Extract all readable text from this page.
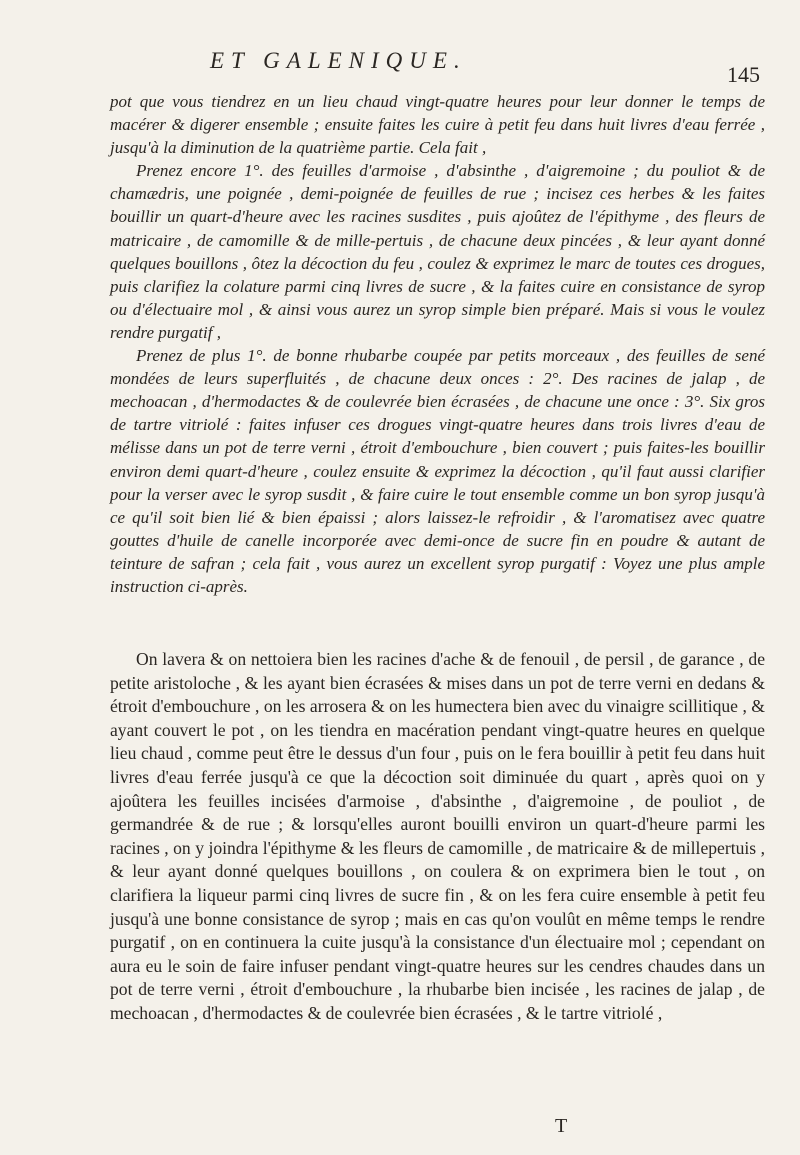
ET GALENIQUE.
145

pot que vous tiendrez en un lieu chaud vingt-quatre heures pour leur donner le temps de macérer & digerer ensemble ; ensuite faites les cuire à petit feu dans huit livres d'eau ferrée , jusqu'à la diminution de la quatrième partie. Cela fait ,

Prenez encore 1°. des feuilles d'armoise , d'absinthe , d'aigremoine ; du pouliot & de chamædris, une poignée , demi-poignée de feuilles de rue ; incisez ces herbes & les faites bouillir un quart-d'heure avec les racines susdites , puis ajoûtez de l'épithyme , des fleurs de matricaire , de camomille & de mille-pertuis , de chacune deux pincées , & leur ayant donné quelques bouillons , ôtez la décoction du feu , coulez & exprimez le marc de toutes ces drogues, puis clarifiez la colature parmi cinq livres de sucre , & la faites cuire en consistance de syrop ou d'électuaire mol , & ainsi vous aurez un syrop simple bien préparé. Mais si vous le voulez rendre purgatif ,

Prenez de plus 1°. de bonne rhubarbe coupée par petits morceaux , des feuilles de sené mondées de leurs superfluités , de chacune deux onces : 2°. Des racines de jalap , de mechoacan , d'hermodactes & de coulevrée bien écrasées , de chacune une once : 3°. Six gros de tartre vitriolé : faites infuser ces drogues vingt-quatre heures dans trois livres d'eau de mélisse dans un pot de terre verni , étroit d'embouchure , bien couvert ; puis faites-les bouillir environ demi quart-d'heure , coulez ensuite & exprimez la décoction , qu'il faut aussi clarifier pour la verser avec le syrop susdit , & faire cuire le tout ensemble comme un bon syrop jusqu'à ce qu'il soit bien lié & bien épaissi ; alors laissez-le refroidir , & l'aromatisez avec quatre gouttes d'huile de canelle incorporée avec demi-once de sucre fin en poudre & autant de teinture de safran ; cela fait , vous aurez un excellent syrop purgatif : Voyez une plus ample instruction ci-après.

On lavera & on nettoiera bien les racines d'ache & de fenouil , de persil , de garance , de petite aristoloche , & les ayant bien écrasées & mises dans un pot de terre verni en dedans & étroit d'embouchure , on les arrosera & on les humectera bien avec du vinaigre scillitique , & ayant couvert le pot , on les tiendra en macération pendant vingt-quatre heures en quelque lieu chaud , comme peut être le dessus d'un four , puis on le fera bouillir à petit feu dans huit livres d'eau ferrée jusqu'à ce que la décoction soit diminuée du quart , après quoi on y ajoûtera les feuilles incisées d'armoise , d'absinthe , d'aigremoine , de pouliot , de germandrée & de rue ; & lorsqu'elles auront bouilli environ un quart-d'heure parmi les racines , on y joindra l'épithyme & les fleurs de camomille , de matricaire & de millepertuis , & leur ayant donné quelques bouillons , on coulera & on exprimera bien le tout , on clarifiera la liqueur parmi cinq livres de sucre fin , & on les fera cuire ensemble à petit feu jusqu'à une bonne consistance de syrop ; mais en cas qu'on voulût en même temps le rendre purgatif , on en continuera la cuite jusqu'à la consistance d'un électuaire mol ; cependant on aura eu le soin de faire infuser pendant vingt-quatre heures sur les cendres chaudes dans un pot de terre verni , étroit d'embouchure , la rhubarbe bien incisée , les racines de jalap , de mechoacan , d'hermodactes & de coulevrée bien écrasées , & le tartre vitriolé ,

T
